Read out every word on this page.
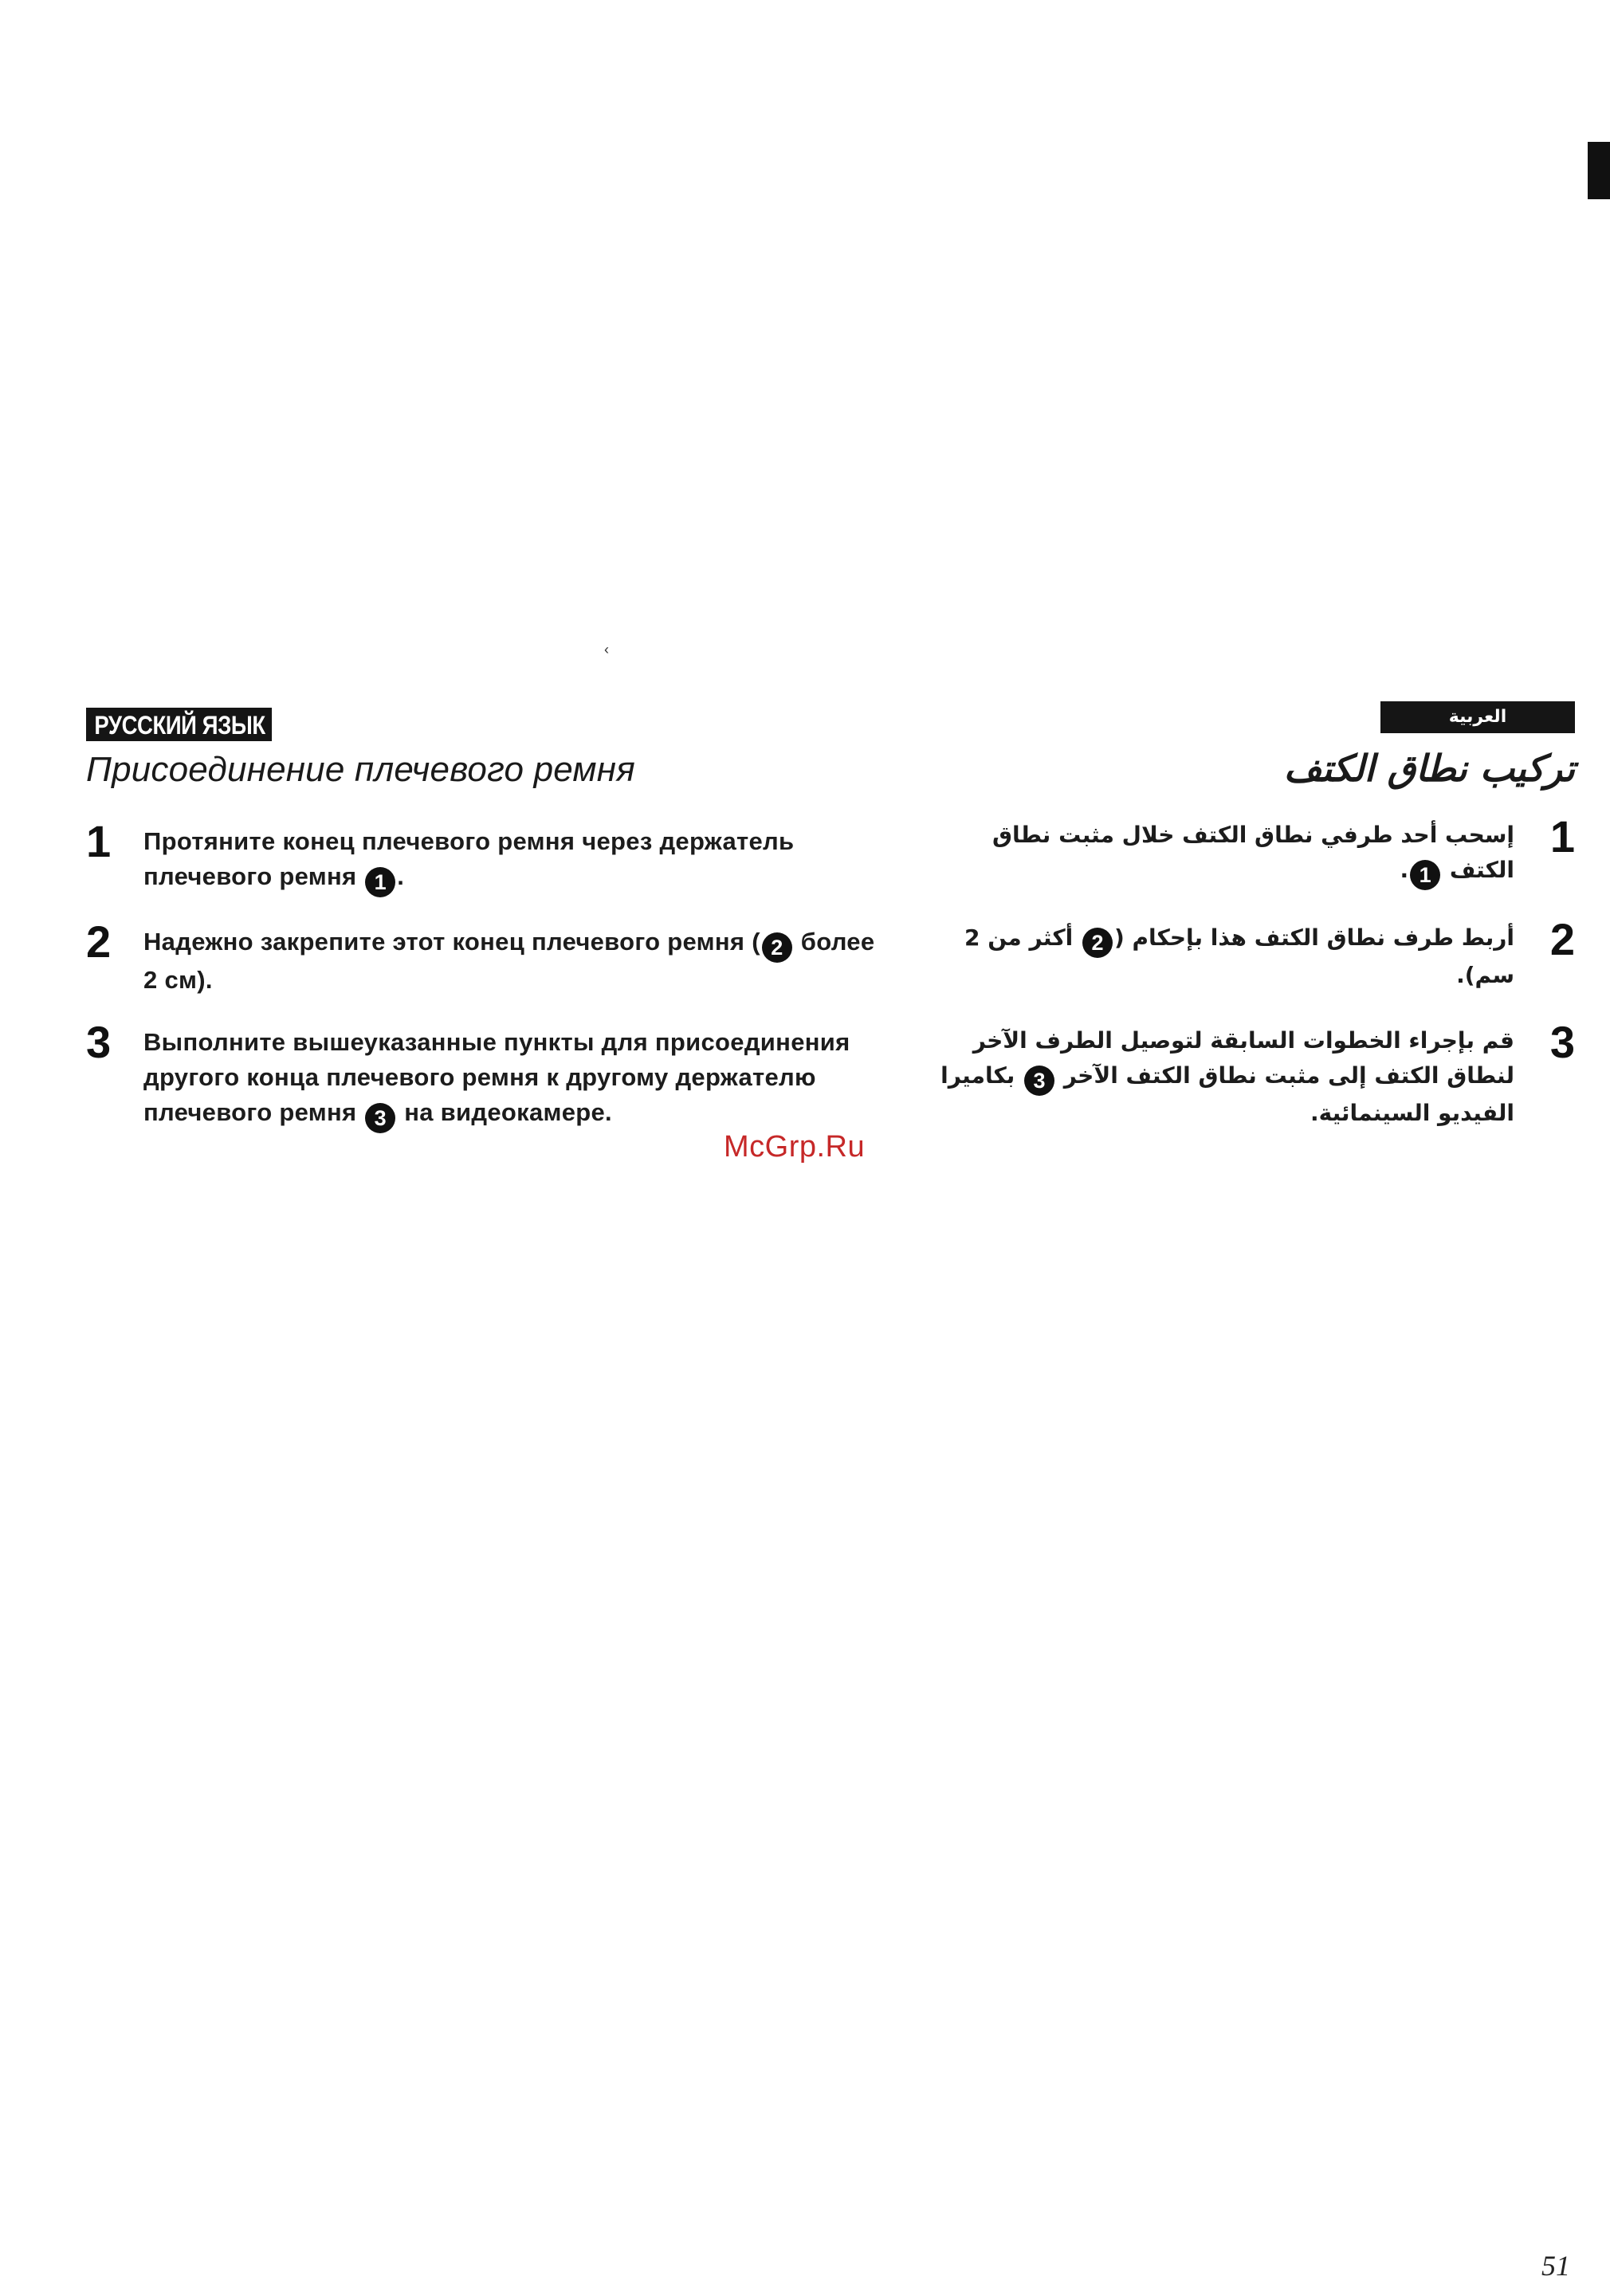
‹
РУССКИЙ ЯЗЫК
Присоединение плечевого ремня
1 Протяните конец плечевого ремня через держатель плечевого ремня 1 .
2 Надежно закрепите этот конец плечевого ремня ( 2 более 2 см).
3 Выполните вышеуказанные пункты для присоединения другого конца плечевого ремня к другому держателю плечевого ремня 3 на видеокамере.
McGrp.Ru
العربية
تركيب نطاق الكتف
1
إسحب أحد طرفي نطاق الكتف خلال مثبت نطاق الكتف 1.
2
أربط طرف نطاق الكتف هذا بإحكام (2 أكثر من 2 سم).
3
قم بإجراء الخطوات السابقة لتوصيل الطرف الآخر لنطاق الكتف إلى مثبت نطاق الكتف الآخر 3 بكاميرا الفيديو السينمائية.
51
